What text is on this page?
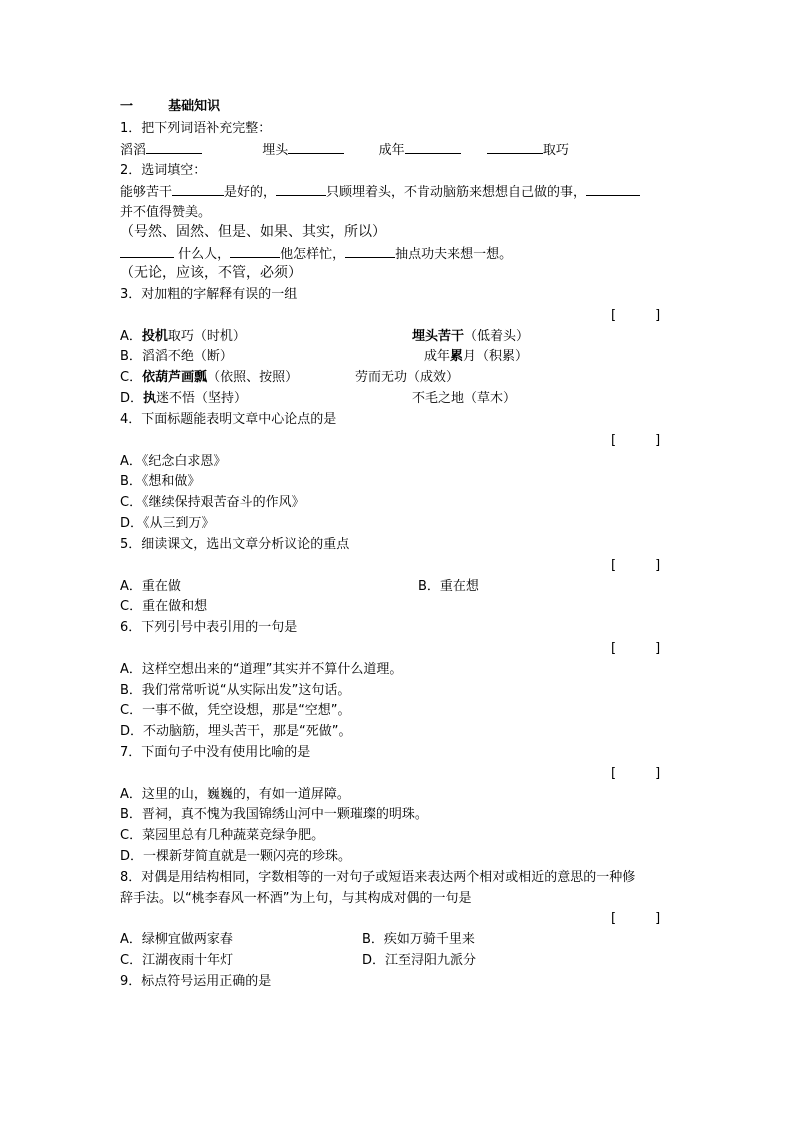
一	基础知识
1．把下列词语补充完整：
滔滔	埋头	成年	取巧
2．选词填空：
能够苦干	是好的，	只顾埋着头，不肯动脑筋来想想自己做的事，
并不值得赞美。
（号然、固然、但是、如果、其实，所以）
什么人，	他怎样忙，	抽点功夫来想一想。
（无论，应该，不管，必须）
3．对加粗的字解释有误的一组
[　　　]
A．投机取巧（时机）	埋头苦干（低着头）
B．滔滔不绝（断）	成年累月（积累）
C．依葫芦画瓢（依照、按照）	劳而无功（成效）
D．执迷不悟（坚持）	不毛之地（草木）
4．下面标题能表明文章中心论点的是
[　　　]
A．《纪念白求恩》
B．《想和做》
C．《继续保持艰苦奋斗的作风》
D．《从三到万》
5．细读课文，选出文章分析议论的重点
[　　　]
A．重在做	B．重在想
C．重在做和想
6．下列引号中表引用的一句是
[　　　]
A．这样空想出来的“道理”其实并不算什么道理。
B．我们常常听说“从实际出发”这句话。
C．一事不做，凭空设想，那是“空想”。
D．不动脑筋，埋头苦干，那是“死做”。
7．下面句子中没有使用比喻的是
[　　　]
A．这里的山，巍巍的，有如一道屏障。
B．晋祠，真不愧为我国锦绣山河中一颗璀璨的明珠。
C．菜园里总有几种蔬菜竞绿争肥。
D．一棵新芽简直就是一颗闪亮的珍珠。
8．对偶是用结构相同，字数相等的一对句子或短语来表达两个相对或相近的意思的一种修
辞手法。以“桃李春风一杯酒”为上句，与其构成对偶的一句是
[　　　]
A．绿柳宜做两家春	B．疾如万骑千里来
C．江湖夜雨十年灯	D．江至浔阳九派分
9．标点符号运用正确的是
